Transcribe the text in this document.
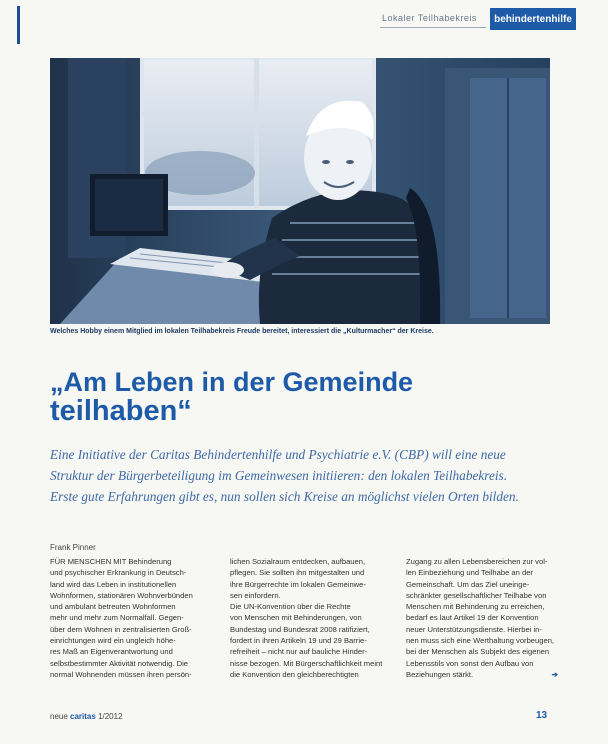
Lokaler Teilhabekreis	behindertenhilfe
Welches Hobby einem Mitglied im lokalen Teilhabekreis Freude bereitet, interessiert die „Kulturmacher“ der Kreise.
„Am Leben in der Gemeinde
teilhaben“
Eine Initiative der Caritas Behindertenhilfe und Psychiatrie e.V. (CBP) will eine neue
Struktur der Bürgerbeteiligung im Gemeinwesen initiieren: den lokalen Teilhabekreis.
Erste gute Erfahrungen gibt es, nun sollen sich Kreise an möglichst vielen Orten bilden.
Frank Pinner
FÜR MENSCHEN MIT Behinderung
und psychischer Erkrankung in Deutsch-
land wird das Leben in institutionellen
Wohnformen, stationären Wohnverbünden
und ambulant betreuten Wohnformen
mehr und mehr zum Normalfall. Gegen-
über dem Wohnen in zentralisierten Groß-
einrichtungen wird ein ungleich höhe-
res Maß an Eigenverantwortung und
selbstbestimmter Aktivität notwendig. Die
normal Wohnenden müssen ihren persön-
lichen Sozialraum entdecken, aufbauen,
pflegen. Sie sollten ihn mitgestalten und
ihre Bürgerrechte im lokalen Gemeinwe-
sen einfordern.
Die UN-Konvention über die Rechte
von Menschen mit Behinderungen, von
Bundestag und Bundesrat 2008 ratifiziert,
fordert in ihren Artikeln 19 und 29 Barrie-
refreiheit – nicht nur auf bauliche Hinder-
nisse bezogen. Mit Bürgerschaftlichkeit meint
die Konvention den gleichberechtigten
Zugang zu allen Lebensbereichen zur vol-
len Einbeziehung und Teilhabe an der
Gemeinschaft. Um das Ziel uneinge-
schränkter gesellschaftlicher Teilhabe von
Menschen mit Behinderung zu erreichen,
bedarf es laut Artikel 19 der Konvention
neuer Unterstützungsdienste. Hierbei in-
nen muss sich eine Werthaltung vorbeugen,
bei der Menschen als Subjekt des eigenen
Lebensstils von sonst den Aufbau von
Beziehungen stärkt.	➔
neue caritas 1/2012	13
